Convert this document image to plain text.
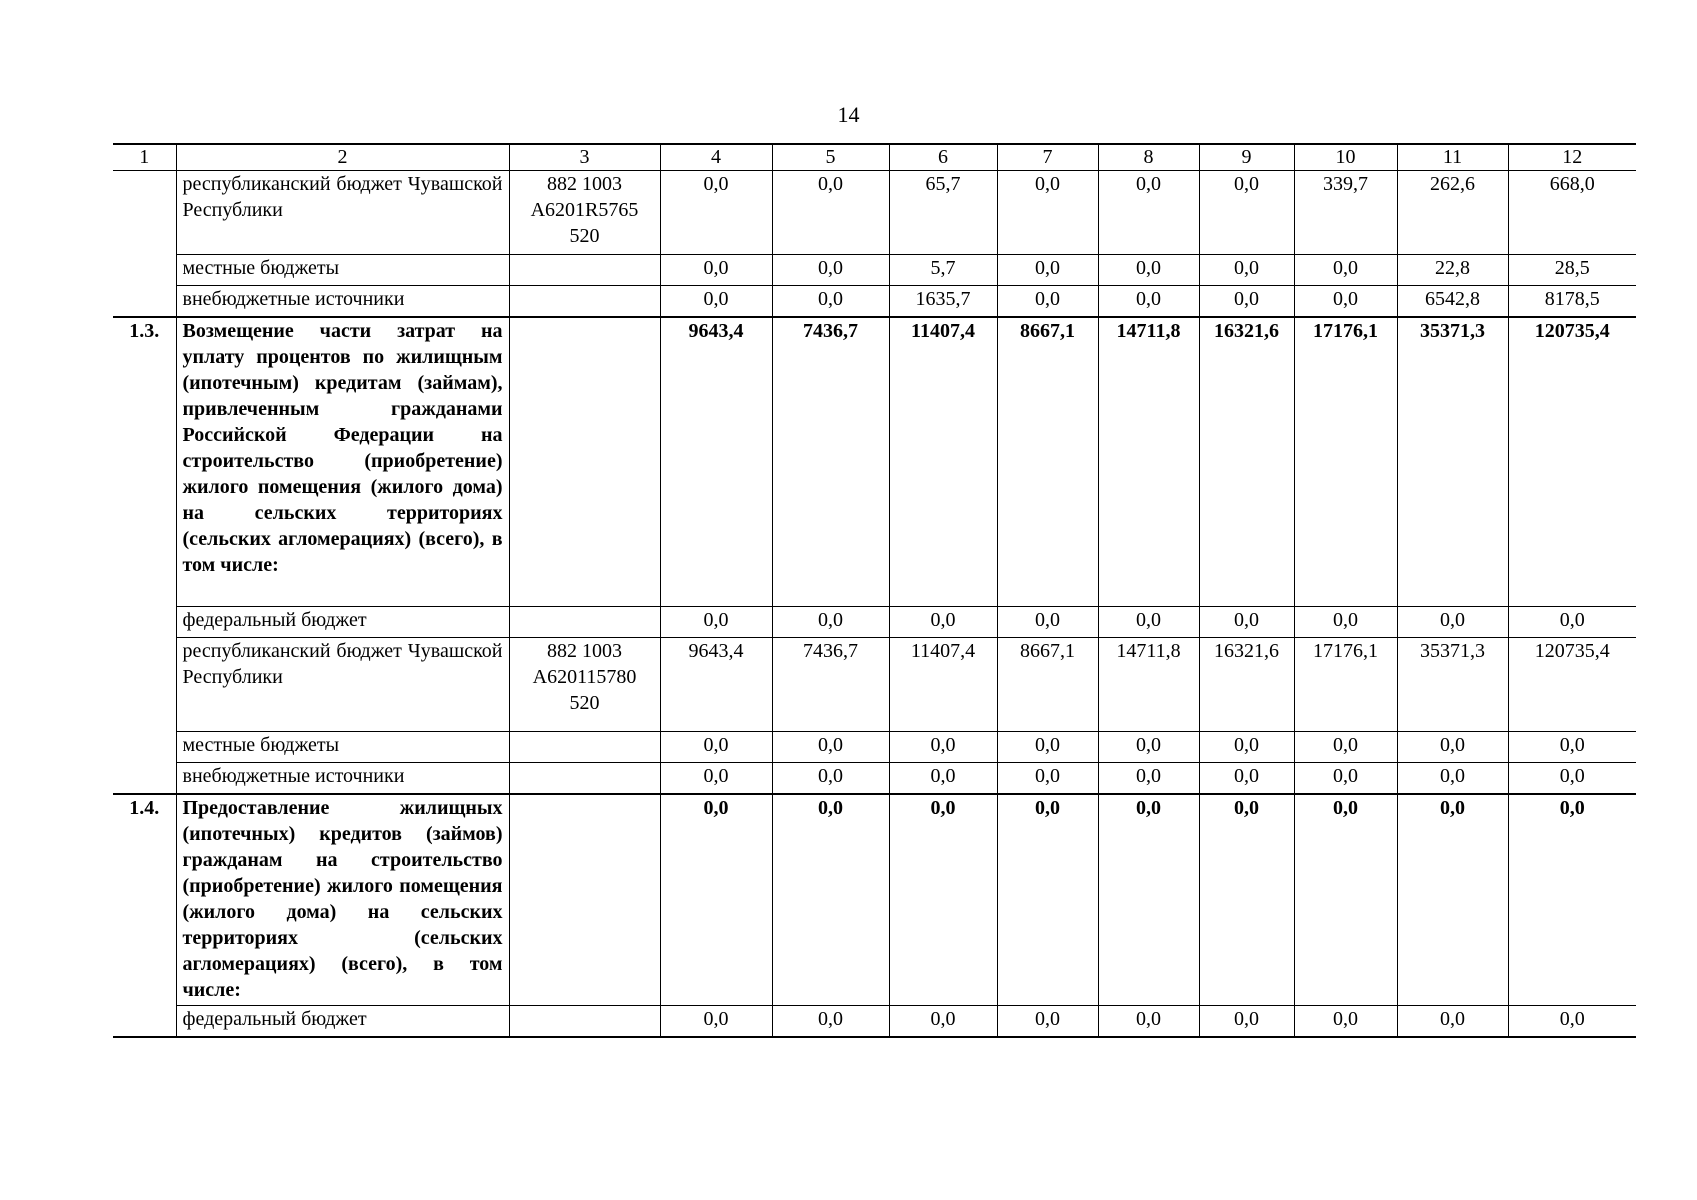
14
1	2	3	4	5	6	7	8	9	10	11	12
	республиканский бюджет Чувашской Республики	882 1003 А6201R5765 520	0,0	0,0	65,7	0,0	0,0	0,0	339,7	262,6	668,0
	местные бюджеты		0,0	0,0	5,7	0,0	0,0	0,0	0,0	22,8	28,5
	внебюджетные источники		0,0	0,0	1635,7	0,0	0,0	0,0	0,0	6542,8	8178,5
1.3.	Возмещение части затрат на уплату процентов по жилищным (ипотечным) кредитам (займам), привлеченным гражданами Российской Федерации на строительство (приобретение) жилого помещения (жилого дома) на сельских территориях (сельских агломерациях) (всего), в том числе:		9643,4	7436,7	11407,4	8667,1	14711,8	16321,6	17176,1	35371,3	120735,4
	федеральный бюджет		0,0	0,0	0,0	0,0	0,0	0,0	0,0	0,0	0,0
	республиканский бюджет Чувашской Республики	882 1003 А620115780 520	9643,4	7436,7	11407,4	8667,1	14711,8	16321,6	17176,1	35371,3	120735,4
	местные бюджеты		0,0	0,0	0,0	0,0	0,0	0,0	0,0	0,0	0,0
	внебюджетные источники		0,0	0,0	0,0	0,0	0,0	0,0	0,0	0,0	0,0
1.4.	Предоставление жилищных (ипотечных) кредитов (займов) гражданам на строительство (приобретение) жилого помещения (жилого дома) на сельских территориях (сельских агломерациях) (всего), в том числе:		0,0	0,0	0,0	0,0	0,0	0,0	0,0	0,0	0,0
	федеральный бюджет		0,0	0,0	0,0	0,0	0,0	0,0	0,0	0,0	0,0
